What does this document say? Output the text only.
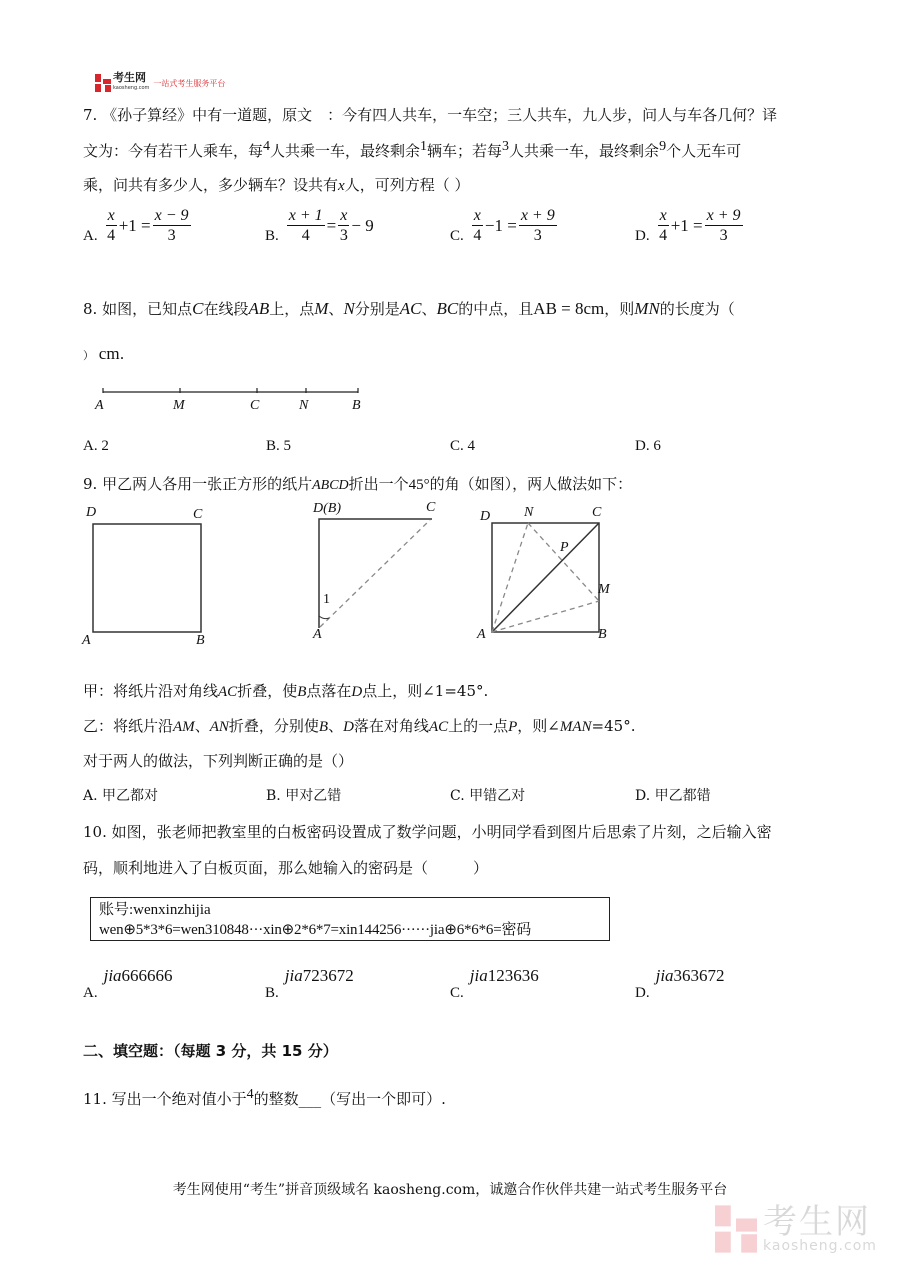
考生网
kaosheng.com
一站式考生服务平台
7. 《孙子算经》中有一道题，原文　：今有四人共车，一车空；三人共车，九人步，问人与车各几何？译
文为：今有若干人乘车，每$^4$人共乘一车，最终剩余$^1$辆车；若每$^3$人共乘一车，最终剩余$^9$个人无车可
乘，问共有多少人，多少辆车？设共有x人，可列方程（ ）
A. $\frac{x}{4} +1 = \frac{x - 9}{3}$	B. $\frac{x + 1}{4} = \frac{x}{3} - 9$
C. $\frac{x}{4} -1 = \frac{x + 9}{3}$	D. $\frac{x}{4} +1 = \frac{x + 9}{3}$
8. 如图，已知点C在线段AB上，点M、N分别是AC、BC的中点，且AB = 8cm，则MN的长度为（
） cm.
A	M	C	N	B
A. 2	B. 5	C. 4	D. 6
9. 甲乙两人各用一张正方形的纸片ABCD折出一个45°的角（如图），两人做法如下：
D	C
A	B
D(B)	C
1
A
D N	C
P
M
A	B
甲：将纸片沿对角线AC折叠，使B点落在D点上，则∠1=45°.
乙：将纸片沿AM、AN折叠，分别使B、D落在对角线AC上的一点P，则∠MAN=45°.
对于两人的做法，下列判断正确的是（）
A. 甲乙都对	B. 甲对乙错	C. 甲错乙对	D. 甲乙都错
10. 如图，张老师把教室里的白板密码设置成了数学问题，小明同学看到图片后思索了片刻，之后输入密
码，顺利地进入了白板页面，那么她输入的密码是（　　　）
账号:wenxinzhijia
wen⊕5*3*6=wen310848···xin⊕2*6*7=xin144256······jia⊕6*6*6=密码
A.jia666666
B.jia723672
C.jia123636
D.jia363672
二、填空题：（每题 3 分，共 15 分）
11. 写出一个绝对值小于$^4$的整数___（写出一个即可）.
考生网使用“考生”拼音顶级域名 kaosheng.com，诚邀合作伙伴共建一站式考生服务平台
考生网
kaosheng.com
